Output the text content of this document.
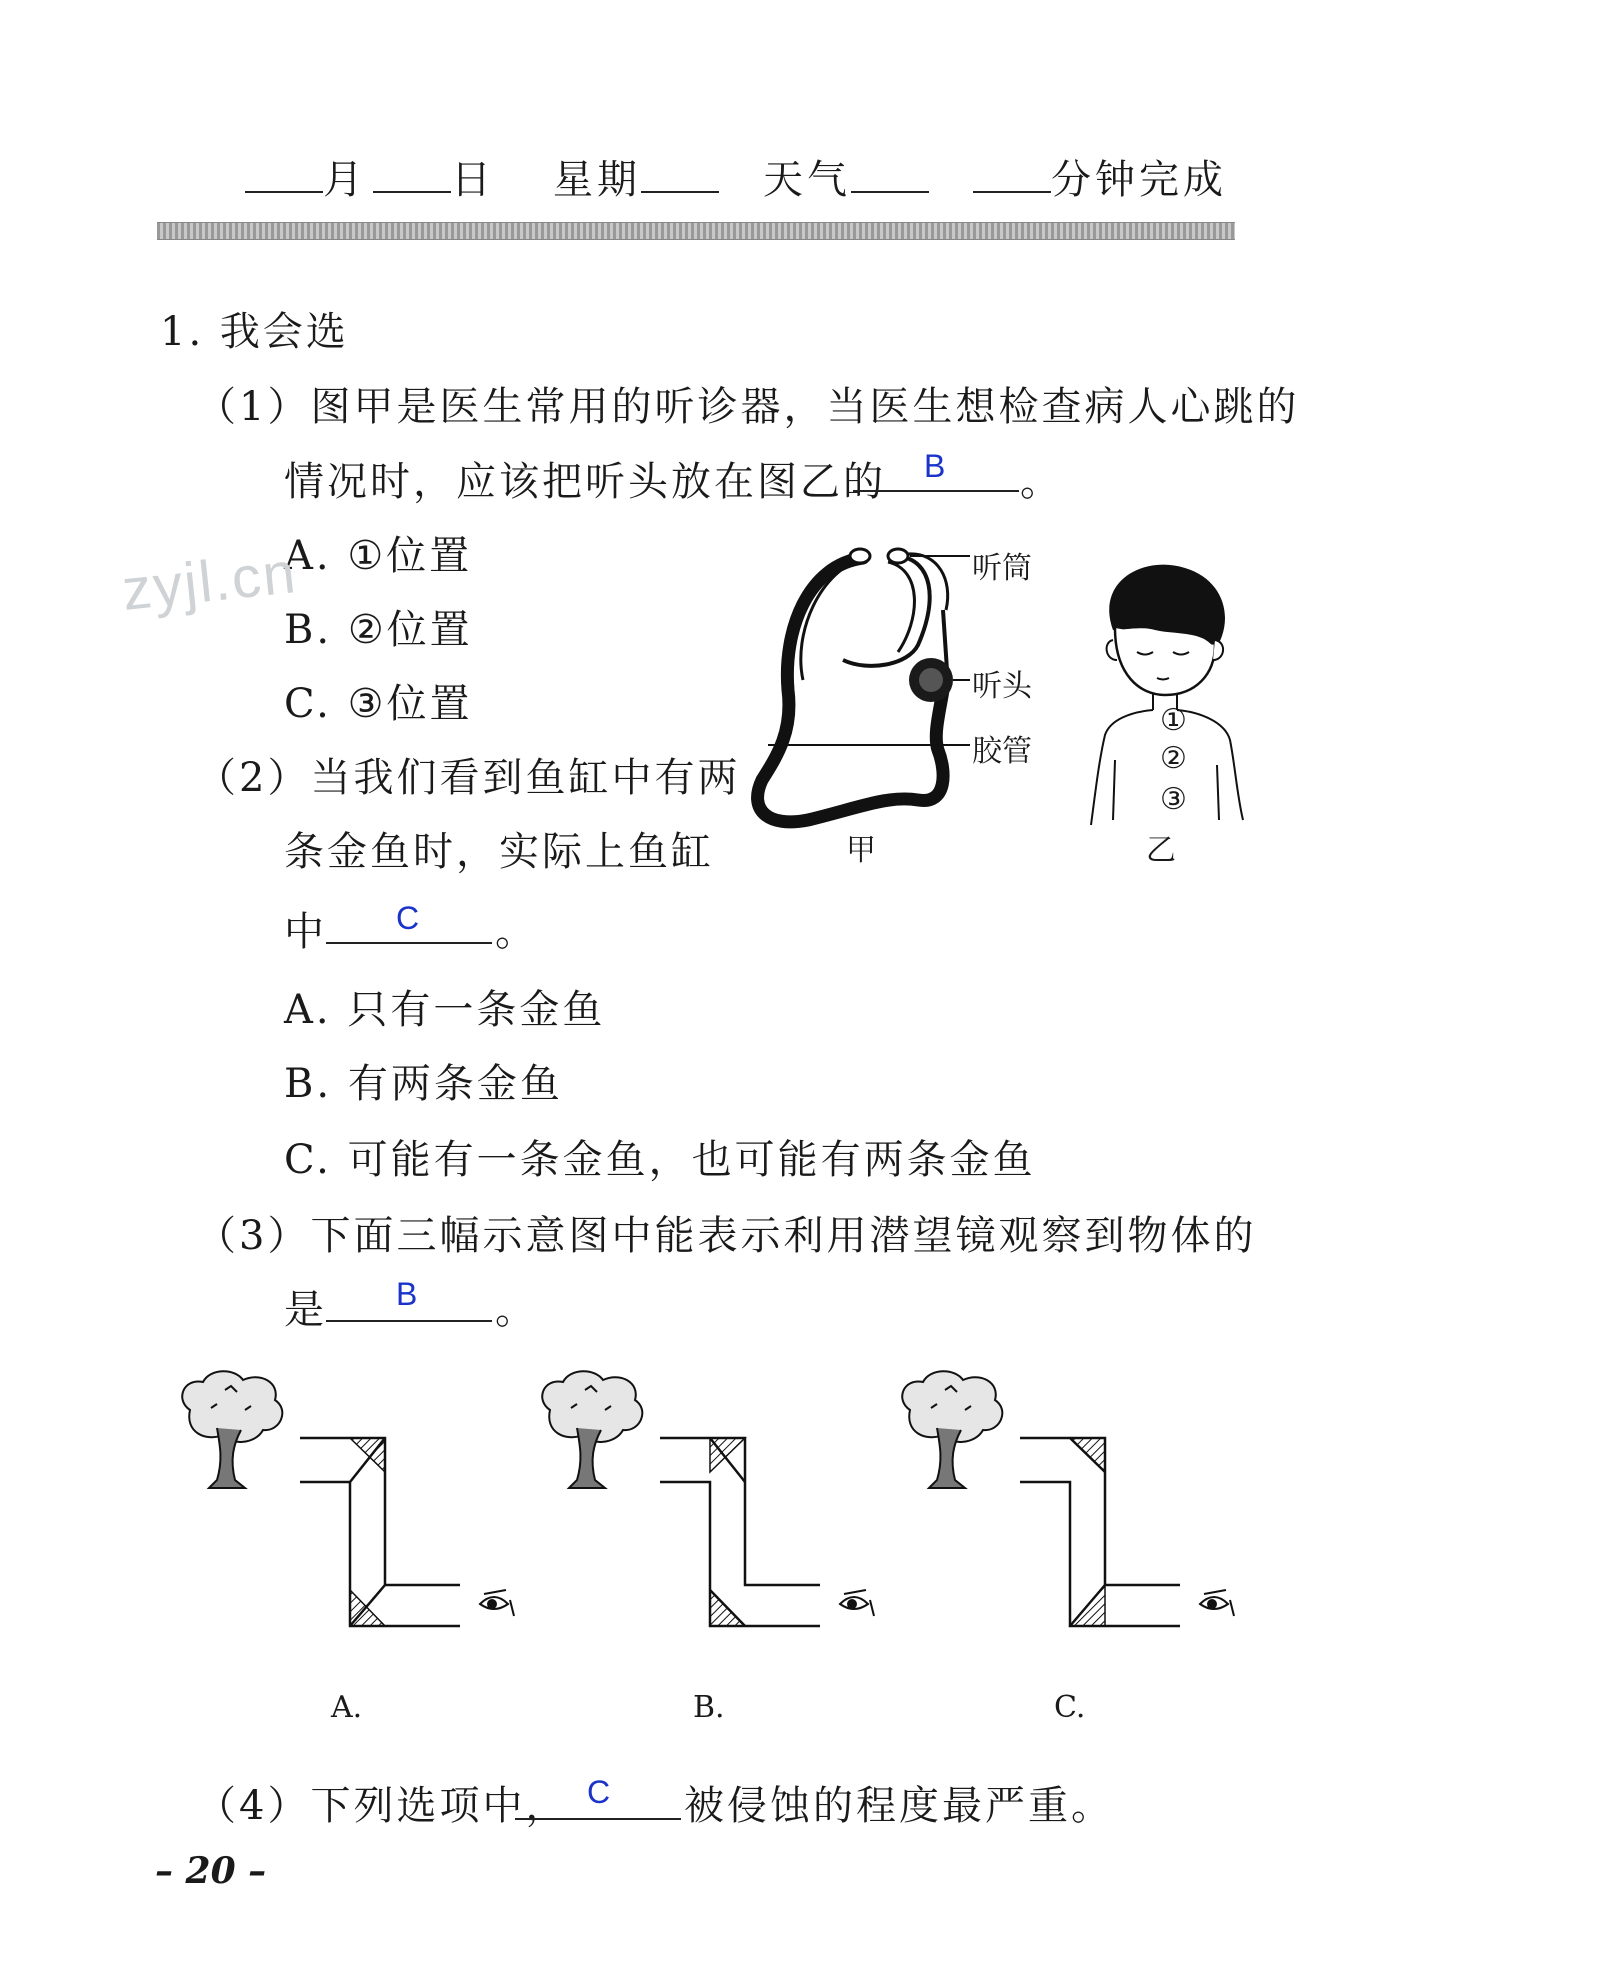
月 日 星期	天气	分钟完成
1. 我会选
（1）图甲是医生常用的听诊器，当医生想检查病人心跳的
情况时，应该把听头放在图乙的 B 。
A. ①位置
B. ②位置
C. ③位置
zyjl.cn	听筒
听头
胶管
甲
①
②
③
乙
（2）当我们看到鱼缸中有两
条金鱼时，实际上鱼缸
中 C 。
A. 只有一条金鱼
B. 有两条金鱼
C. 可能有一条金鱼，也可能有两条金鱼
（3）下面三幅示意图中能表示利用潜望镜观察到物体的
是 B 。
A.	B.	C.
（4）下列选项中， C 被侵蚀的程度最严重。
– 20 –
